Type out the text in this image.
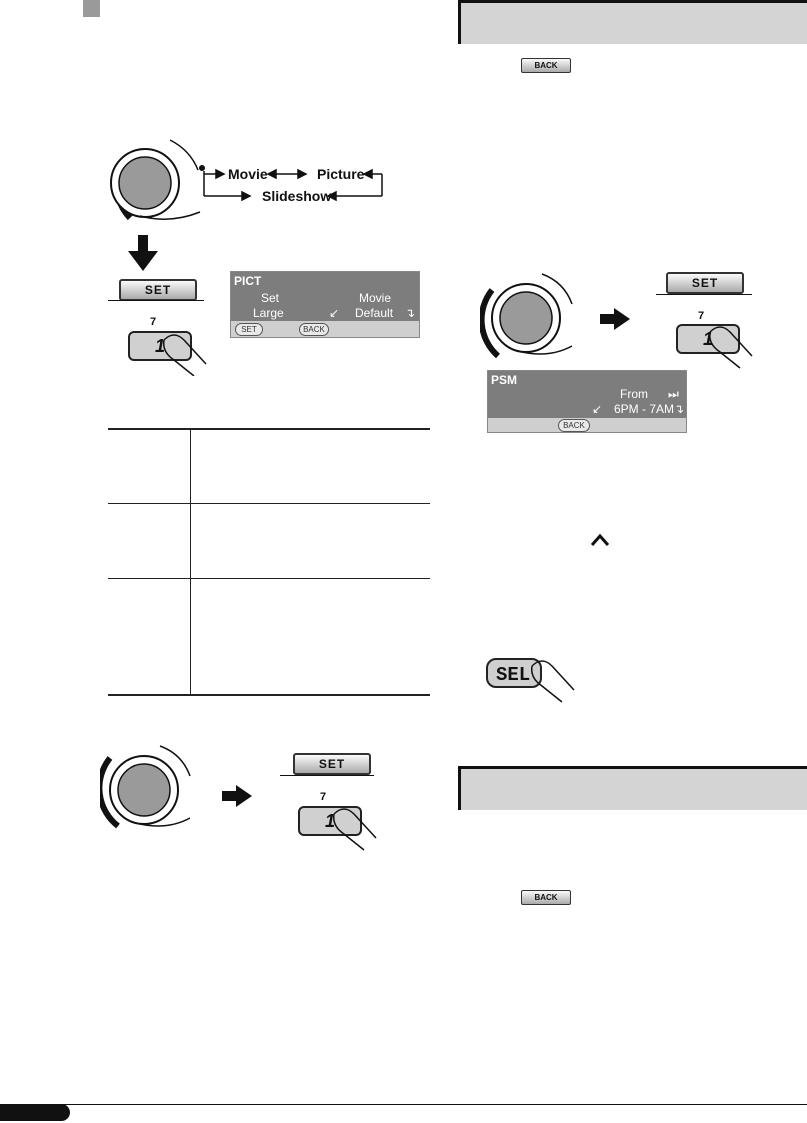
BACK
BACK
Movie	Picture
Slideshow
SET
7
1
PICT
Set	Movie
Large	↙ Default ↴
SET	BACK
SET
7
1
SET
7
1
PSM
From ⏭
↙ 6PM - 7AM ↴
BACK
SEL
